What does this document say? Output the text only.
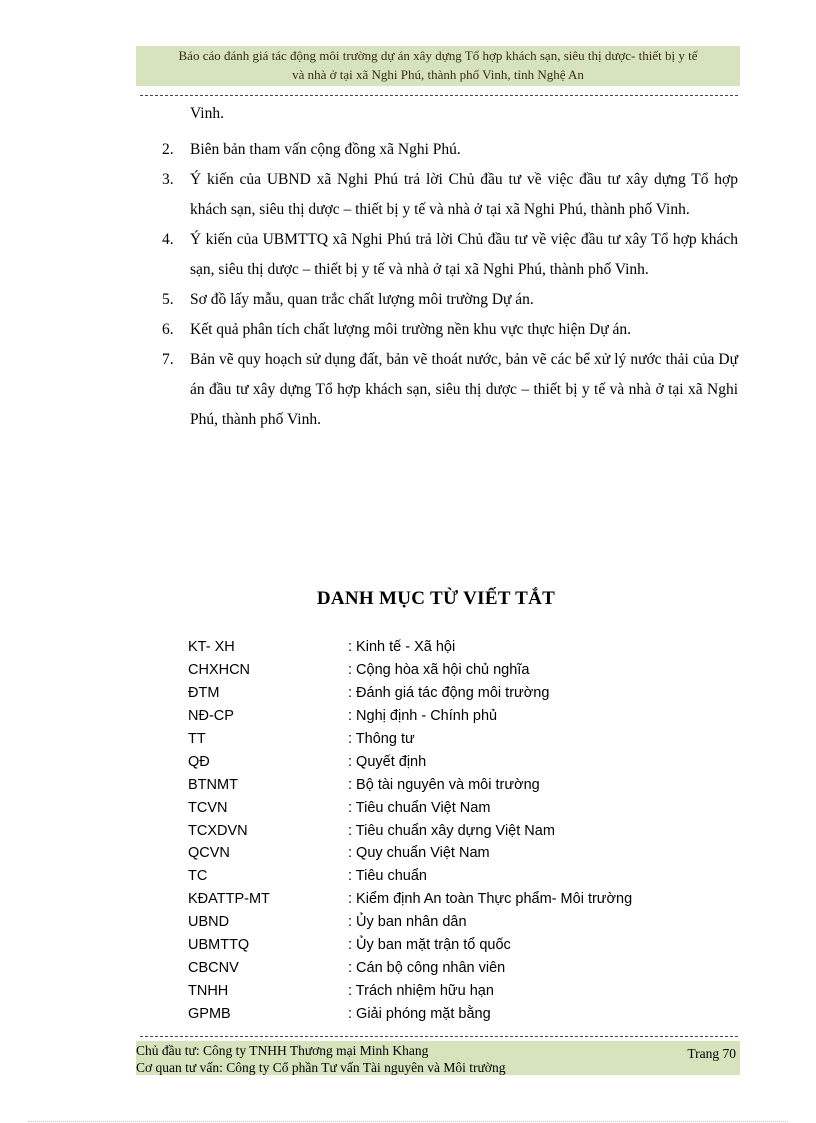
Báo cáo đánh giá tác động môi trường dự án xây dựng Tổ hợp khách sạn, siêu thị dược- thiết bị y tế
và nhà ở tại xã Nghi Phú, thành phố Vinh, tỉnh Nghệ An
Vinh.
2. Biên bản tham vấn cộng đồng xã Nghi Phú.
3. Ý kiến của UBND xã Nghi Phú trả lời Chủ đầu tư về việc đầu tư xây dựng Tổ hợp khách sạn, siêu thị dược – thiết bị y tế và nhà ở tại xã Nghi Phú, thành phố Vinh.
4. Ý kiến của UBMTTQ xã Nghi Phú trả lời Chủ đầu tư về việc đầu tư xây Tổ hợp khách sạn, siêu thị dược – thiết bị y tế và nhà ở tại xã Nghi Phú, thành phố Vinh.
5. Sơ đồ lấy mẫu, quan trắc chất lượng môi trường Dự án.
6. Kết quả phân tích chất lượng môi trường nền khu vực thực hiện Dự án.
7. Bản vẽ quy hoạch sử dụng đất, bản vẽ thoát nước, bản vẽ các bể xử lý nước thải của Dự án đầu tư xây dựng Tổ hợp khách sạn, siêu thị dược – thiết bị y tế và nhà ở tại xã Nghi Phú, thành phố Vinh.
DANH MỤC TỪ VIẾT TẮT
KT- XH	: Kinh tế - Xã hội
CHXHCN	: Cộng hòa xã hội chủ nghĩa
ĐTM	: Đánh giá tác động môi trường
NĐ-CP	: Nghị định - Chính phủ
TT	: Thông tư
QĐ	: Quyết định
BTNMT	: Bộ tài nguyên và môi trường
TCVN	: Tiêu chuẩn Việt Nam
TCXDVN	: Tiêu chuẩn xây dựng Việt Nam
QCVN	: Quy chuẩn Việt Nam
TC	: Tiêu chuẩn
KĐATTP-MT	: Kiểm định An toàn Thực phẩm- Môi trường
UBND	: Ủy ban nhân dân
UBMTTQ	: Ủy ban mặt trận tổ quốc
CBCNV	: Cán bộ công nhân viên
TNHH	: Trách nhiệm hữu hạn
GPMB	: Giải phóng mặt bằng
Chủ đầu tư: Công ty TNHH Thương mại Minh Khang
Cơ quan tư vấn: Công ty Cổ phần Tư vấn Tài nguyên và Môi trường
Trang 70
